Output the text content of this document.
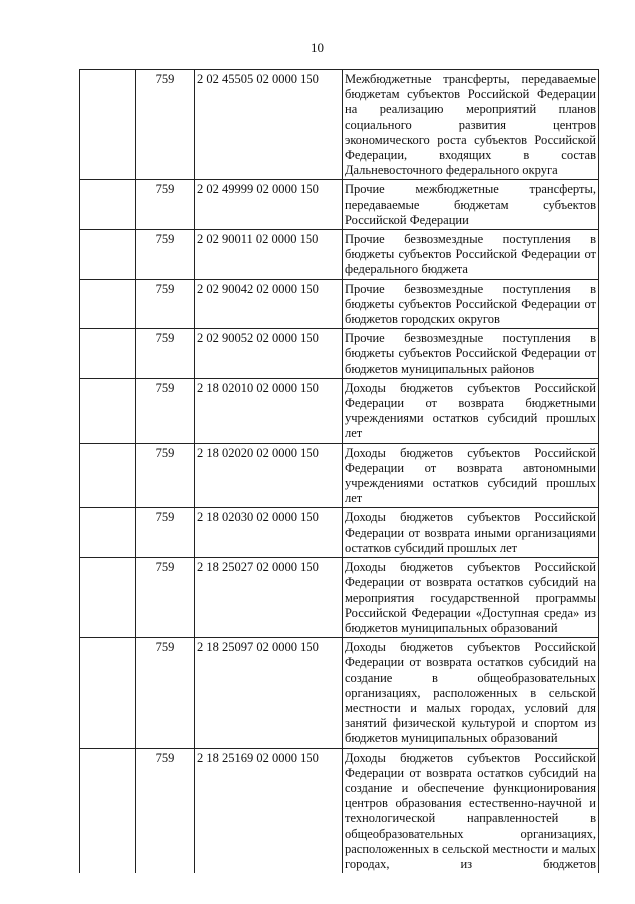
10
	759	2 02 45505 02 0000 150	Межбюджетные трансферты, передаваемые бюджетам субъектов Российской Федерации на реализацию мероприятий планов социального развития центров экономического роста субъектов Российской Федерации, входящих в состав Дальневосточного федерального округа
	759	2 02 49999 02 0000 150	Прочие межбюджетные трансферты, передаваемые бюджетам субъектов Российской Федерации
	759	2 02 90011 02 0000 150	Прочие безвозмездные поступления в бюджеты субъектов Российской Федерации от федерального бюджета
	759	2 02 90042 02 0000 150	Прочие безвозмездные поступления в бюджеты субъектов Российской Федерации от бюджетов городских округов
	759	2 02 90052 02 0000 150	Прочие безвозмездные поступления в бюджеты субъектов Российской Федерации от бюджетов муниципальных районов
	759	2 18 02010 02 0000 150	Доходы бюджетов субъектов Российской Федерации от возврата бюджетными учреждениями остатков субсидий прошлых лет
	759	2 18 02020 02 0000 150	Доходы бюджетов субъектов Российской Федерации от возврата автономными учреждениями остатков субсидий прошлых лет
	759	2 18 02030 02 0000 150	Доходы бюджетов субъектов Российской Федерации от возврата иными организациями остатков субсидий прошлых лет
	759	2 18 25027 02 0000 150	Доходы бюджетов субъектов Российской Федерации от возврата остатков субсидий на мероприятия государственной программы Российской Федерации «Доступная среда» из бюджетов муниципальных образований
	759	2 18 25097 02 0000 150	Доходы бюджетов субъектов Российской Федерации от возврата остатков субсидий на создание в общеобразовательных организациях, расположенных в сельской местности и малых городах, условий для занятий физической культурой и спортом из бюджетов муниципальных образований
	759	2 18 25169 02 0000 150	Доходы бюджетов субъектов Российской Федерации от возврата остатков субсидий на создание и обеспечение функционирования центров образования естественно-научной и технологической направленностей в общеобразовательных организациях, расположенных в сельской местности и малых городах, из бюджетов
